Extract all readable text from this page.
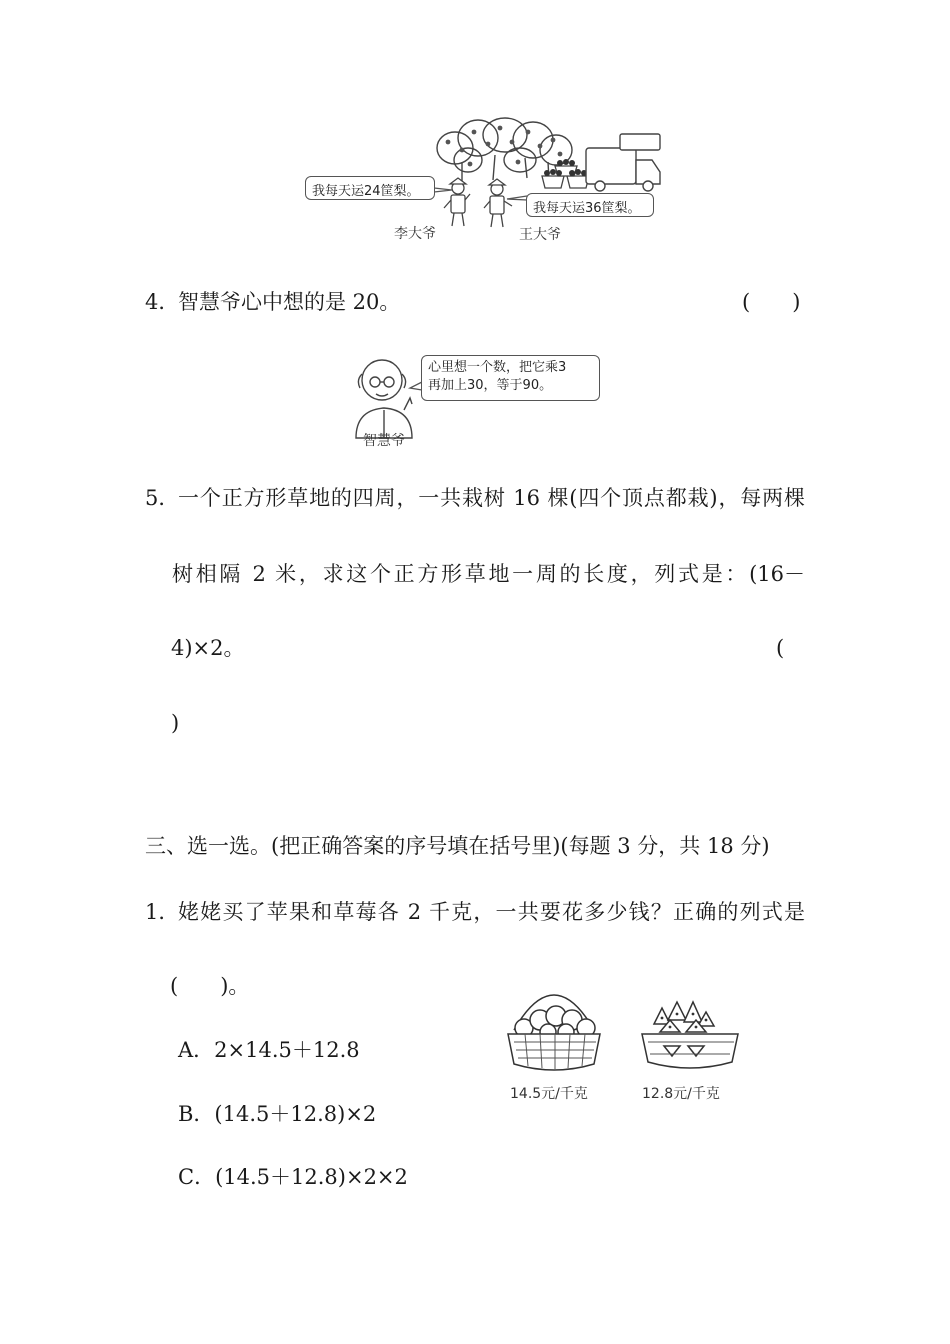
我每天运24筐梨。
我每天运36筐梨。
李大爷	王大爷
4．
智慧爷心中想的是 20。	(　　)
心里想一个数，把它乘3
再加上30，等于90。
智慧爷
5．
一个正方形草地的四周，一共栽树 16 棵(四个顶点都栽)，每两棵
树相隔 2 米，求这个正方形草地一周的长度，列式是：(16－
4)×2。	(
)
三、选一选。(把正确答案的序号填在括号里)(每题 3 分，共 18 分)
1．
姥姥买了苹果和草莓各 2 千克，一共要花多少钱？正确的列式是
(　　)。
A．2×14.5＋12.8
B．(14.5＋12.8)×2
C．(14.5＋12.8)×2×2
14.5元/千克	12.8元/千克
